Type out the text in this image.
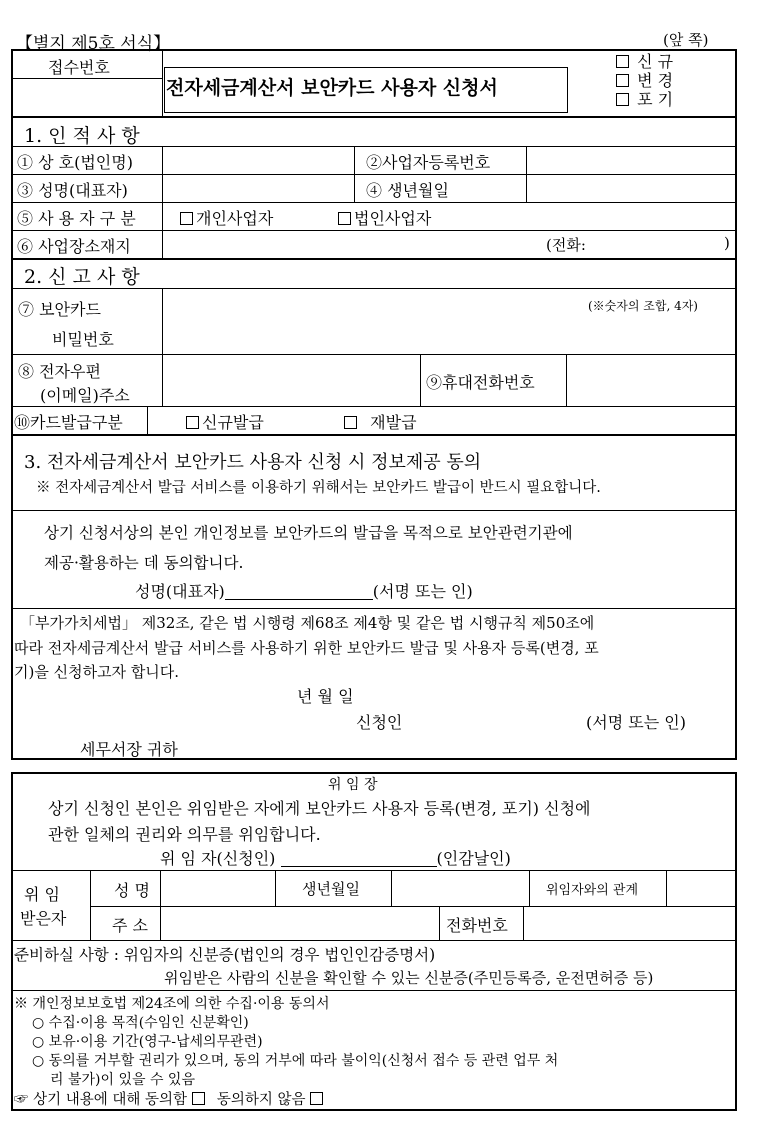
【별지 제5호 서식】	(앞 쪽)
접수번호
전자세금계산서 보안카드 사용자 신청서
신 규
변 경
포 기
1. 인 적 사 항
① 상 호(법인명)	②사업자등록번호
③ 성명(대표자)	④ 생년월일
⑤ 사 용 자 구 분	개인사업자	법인사업자
⑥ 사업장소재지	(전화:	)
2. 신 고 사 항
⑦ 보안카드
비밀번호
(※숫자의 조합, 4자)
⑧ 전자우편
(이메일)주소
⑨휴대전화번호
⑩카드발급구분	신규발급	재발급
3. 전자세금계산서 보안카드 사용자 신청 시 정보제공 동의
※ 전자세금계산서 발급 서비스를 이용하기 위해서는 보안카드 발급이 반드시 필요합니다.
상기 신청서상의 본인 개인정보를 보안카드의 발급을 목적으로 보안관련기관에
제공·활용하는 데 동의합니다.
성명(대표자)	(서명 또는 인)
「부가가치세법」 제32조, 같은 법 시행령 제68조 제4항 및 같은 법 시행규칙 제50조에
따라 전자세금계산서 발급 서비스를 사용하기 위한 보안카드 발급 및 사용자 등록(변경, 포
기)을 신청하고자 합니다.
년 월 일
신청인	(서명 또는 인)
세무서장 귀하
위 임 장
상기 신청인 본인은 위임받은 자에게 보안카드 사용자 등록(변경, 포기) 신청에
관한 일체의 권리와 의무를 위임합니다.
위 임 자(신청인)	(인감날인)
위 임
받은자
성 명	생년월일	위임자와의 관계
주 소	전화번호
준비하실 사항 : 위임자의 신분증(법인의 경우 법인인감증명서)
위임받은 사람의 신분을 확인할 수 있는 신분증(주민등록증, 운전면허증 등)
※ 개인정보보호법 제24조에 의한 수집·이용 동의서
○ 수집·이용 목적(수임인 신분확인)
○ 보유·이용 기간(영구-납세의무관련)
○ 동의를 거부할 권리가 있으며, 동의 거부에 따라 불이익(신청서 접수 등 관련 업무 처
리 불가)이 있을 수 있음
☞ 상기 내용에 대해 동의함 동의하지 않음
